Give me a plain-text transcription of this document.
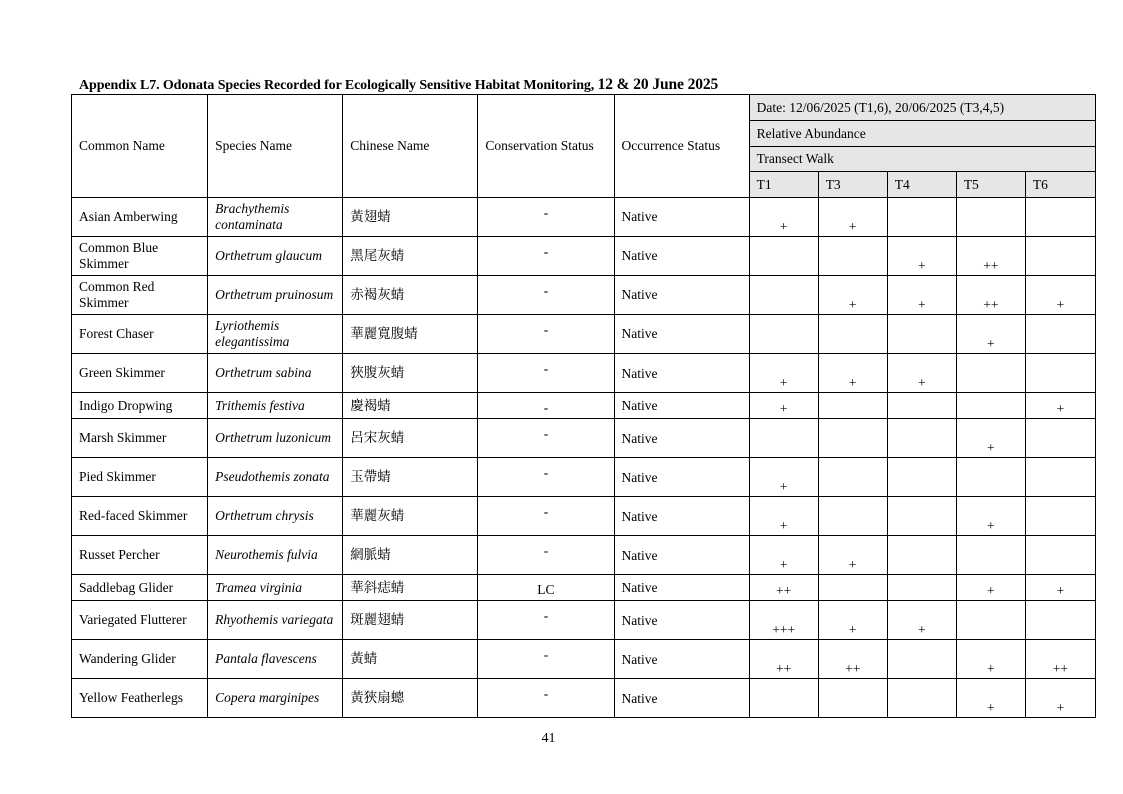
Appendix L7. Odonata Species Recorded for Ecologically Sensitive Habitat Monitoring, 12 & 20 June 2025
Common Name	Species Name	Chinese Name	Conservation Status	Occurrence Status	Date: 12/06/2025 (T1,6), 20/06/2025 (T3,4,5)				
					Relative Abundance				
					Transect Walk				
					T1	T3	T4	T5	T6
Asian Amberwing	Brachythemis contaminata	黃翅蜻	-	Native	+	+			
Common Blue Skimmer	Orthetrum glaucum	黑尾灰蜻	-	Native			+	++	
Common Red Skimmer	Orthetrum pruinosum	赤褐灰蜻	-	Native		+	+	++	+
Forest Chaser	Lyriothemis elegantissima	華麗寬腹蜻	-	Native				+	
Green Skimmer	Orthetrum sabina	狹腹灰蜻	-	Native	+	+	+		
Indigo Dropwing	Trithemis festiva	慶褐蜻	-	Native	+				+
Marsh Skimmer	Orthetrum luzonicum	呂宋灰蜻	-	Native				+	
Pied Skimmer	Pseudothemis zonata	玉帶蜻	-	Native	+				
Red-faced Skimmer	Orthetrum chrysis	華麗灰蜻	-	Native	+			+	
Russet Percher	Neurothemis fulvia	網脈蜻	-	Native	+	+			
Saddlebag Glider	Tramea virginia	華斜痣蜻	LC	Native	++			+	+
Variegated Flutterer	Rhyothemis variegata	斑麗翅蜻	-	Native	+++	+	+		
Wandering Glider	Pantala flavescens	黃蜻	-	Native	++	++		+	++
Yellow Featherlegs	Copera marginipes	黃狹扇蟌	-	Native				+	+
41
